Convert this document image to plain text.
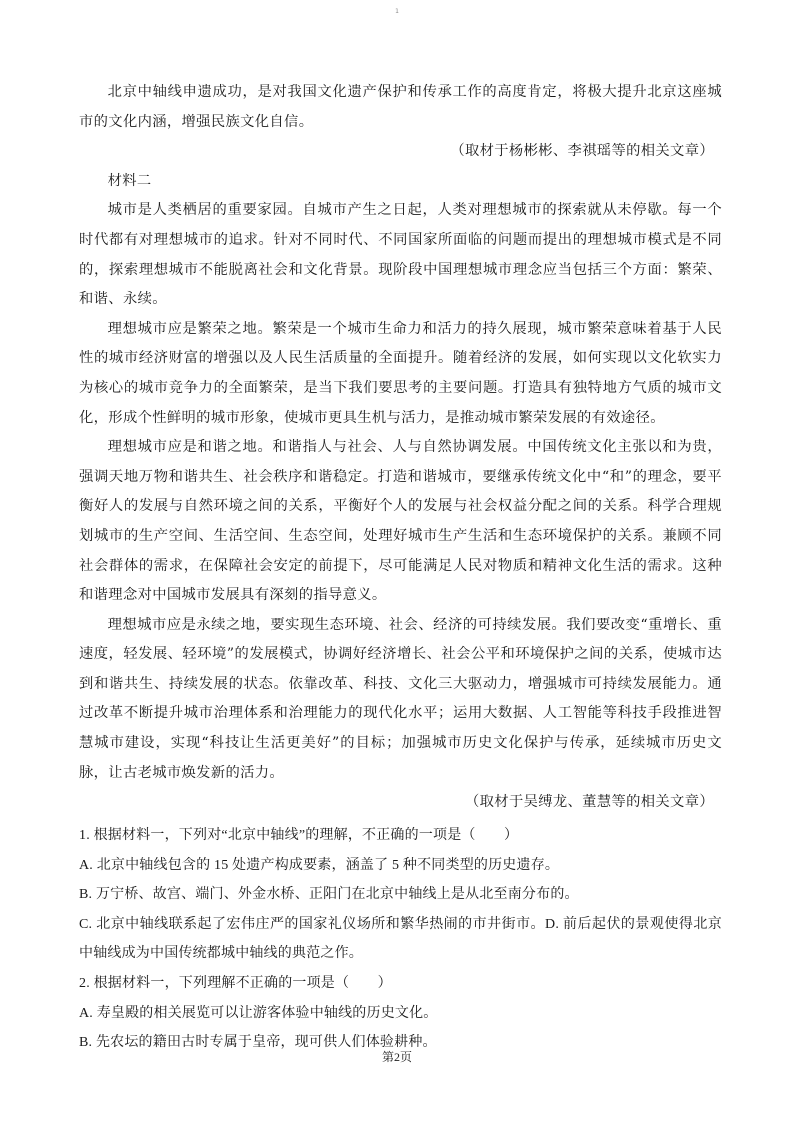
1

北京中轴线申遗成功，是对我国文化遗产保护和传承工作的高度肯定，将极大提升北京这座城市的文化内涵，增强民族文化自信。

（取材于杨彬彬、李祺瑶等的相关文章）

材料二

城市是人类栖居的重要家园。自城市产生之日起，人类对理想城市的探索就从未停歇。每一个时代都有对理想城市的追求。针对不同时代、不同国家所面临的问题而提出的理想城市模式是不同的，探索理想城市不能脱离社会和文化背景。现阶段中国理想城市理念应当包括三个方面：繁荣、和谐、永续。

理想城市应是繁荣之地。繁荣是一个城市生命力和活力的持久展现，城市繁荣意味着基于人民性的城市经济财富的增强以及人民生活质量的全面提升。随着经济的发展，如何实现以文化软实力为核心的城市竞争力的全面繁荣，是当下我们要思考的主要问题。打造具有独特地方气质的城市文化，形成个性鲜明的城市形象，使城市更具生机与活力，是推动城市繁荣发展的有效途径。

理想城市应是和谐之地。和谐指人与社会、人与自然协调发展。中国传统文化主张以和为贵，强调天地万物和谐共生、社会秩序和谐稳定。打造和谐城市，要继承传统文化中“和”的理念，要平衡好人的发展与自然环境之间的关系，平衡好个人的发展与社会权益分配之间的关系。科学合理规划城市的生产空间、生活空间、生态空间，处理好城市生产生活和生态环境保护的关系。兼顾不同社会群体的需求，在保障社会安定的前提下，尽可能满足人民对物质和精神文化生活的需求。这种和谐理念对中国城市发展具有深刻的指导意义。

理想城市应是永续之地，要实现生态环境、社会、经济的可持续发展。我们要改变“重增长、重速度，轻发展、轻环境”的发展模式，协调好经济增长、社会公平和环境保护之间的关系，使城市达到和谐共生、持续发展的状态。依靠改革、科技、文化三大驱动力，增强城市可持续发展能力。通过改革不断提升城市治理体系和治理能力的现代化水平；运用大数据、人工智能等科技手段推进智慧城市建设，实现“科技让生活更美好”的目标；加强城市历史文化保护与传承，延续城市历史文脉，让古老城市焕发新的活力。

（取材于吴缚龙、董慧等的相关文章）

1. 根据材料一，下列对“北京中轴线”的理解，不正确的一项是（　　）

A. 北京中轴线包含的 15 处遗产构成要素，涵盖了 5 种不同类型的历史遗存。

B. 万宁桥、故宫、端门、外金水桥、正阳门在北京中轴线上是从北至南分布的。

C. 北京中轴线联系起了宏伟庄严的国家礼仪场所和繁华热闹的市井街市。D. 前后起伏的景观使得北京中轴线成为中国传统都城中轴线的典范之作。

2. 根据材料一，下列理解不正确的一项是（　　）

A. 寿皇殿的相关展览可以让游客体验中轴线的历史文化。

B. 先农坛的籍田古时专属于皇帝，现可供人们体验耕种。

第2页
